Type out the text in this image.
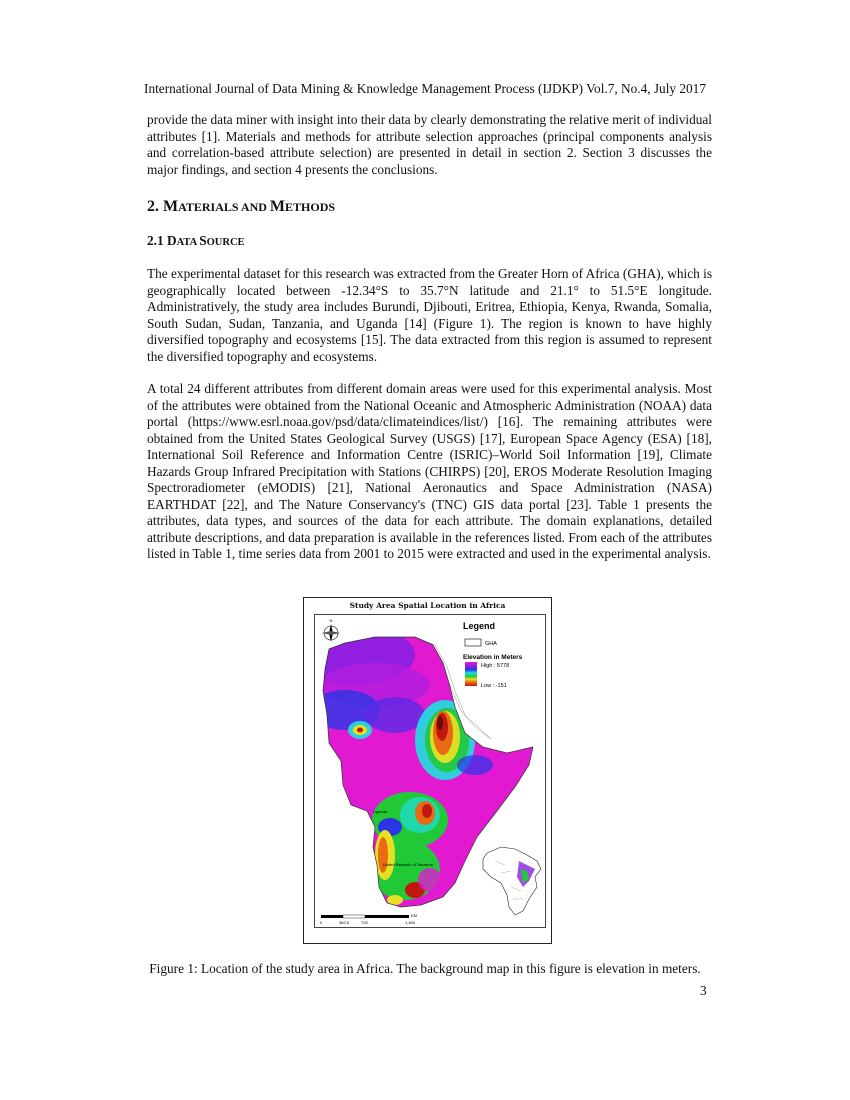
International Journal of Data Mining & Knowledge Management Process (IJDKP) Vol.7, No.4, July 2017

provide the data miner with insight into their data by clearly demonstrating the relative merit of individual attributes [1]. Materials and methods for attribute selection approaches (principal components analysis and correlation-based attribute selection) are presented in detail in section 2. Section 3 discusses the major findings, and section 4 presents the conclusions.

2. MATERIALS AND METHODS
2.1 DATA SOURCE

The experimental dataset for this research was extracted from the Greater Horn of Africa (GHA), which is geographically located between -12.34°S to 35.7°N latitude and 21.1° to 51.5°E longitude. Administratively, the study area includes Burundi, Djibouti, Eritrea, Ethiopia, Kenya, Rwanda, Somalia, South Sudan, Sudan, Tanzania, and Uganda [14] (Figure 1). The region is known to have highly diversified topography and ecosystems [15]. The data extracted from this region is assumed to represent the diversified topography and ecosystems.

A total 24 different attributes from different domain areas were used for this experimental analysis. Most of the attributes were obtained from the National Oceanic and Atmospheric Administration (NOAA) data portal (https://www.esrl.noaa.gov/psd/data/climateindices/list/) [16]. The remaining attributes were obtained from the United States Geological Survey (USGS) [17], European Space Agency (ESA) [18], International Soil Reference and Information Centre (ISRIC)–World Soil Information [19], Climate Hazards Group Infrared Precipitation with Stations (CHIRPS) [20], EROS Moderate Resolution Imaging Spectroradiometer (eMODIS) [21], National Aeronautics and Space Administration (NASA) EARTHDAT [22], and The Nature Conservancy's (TNC) GIS data portal [23]. Table 1 presents the attributes, data types, and sources of the data for each attribute. The domain explanations, detailed attribute descriptions, and data preparation is available in the references listed. From each of the attributes listed in Table 1, time series data from 2001 to 2015 were extracted and used in the experimental analysis.

Study Area Spatial Location in Africa
Uganda
United Republic of Tanzania
N
Legend
GHA
Elevation in Meters
High : 5778
Low : -151
0	362.5	725	1,450
KM
Figure 1: Location of the study area in Africa. The background map in this figure is elevation in meters.
3
